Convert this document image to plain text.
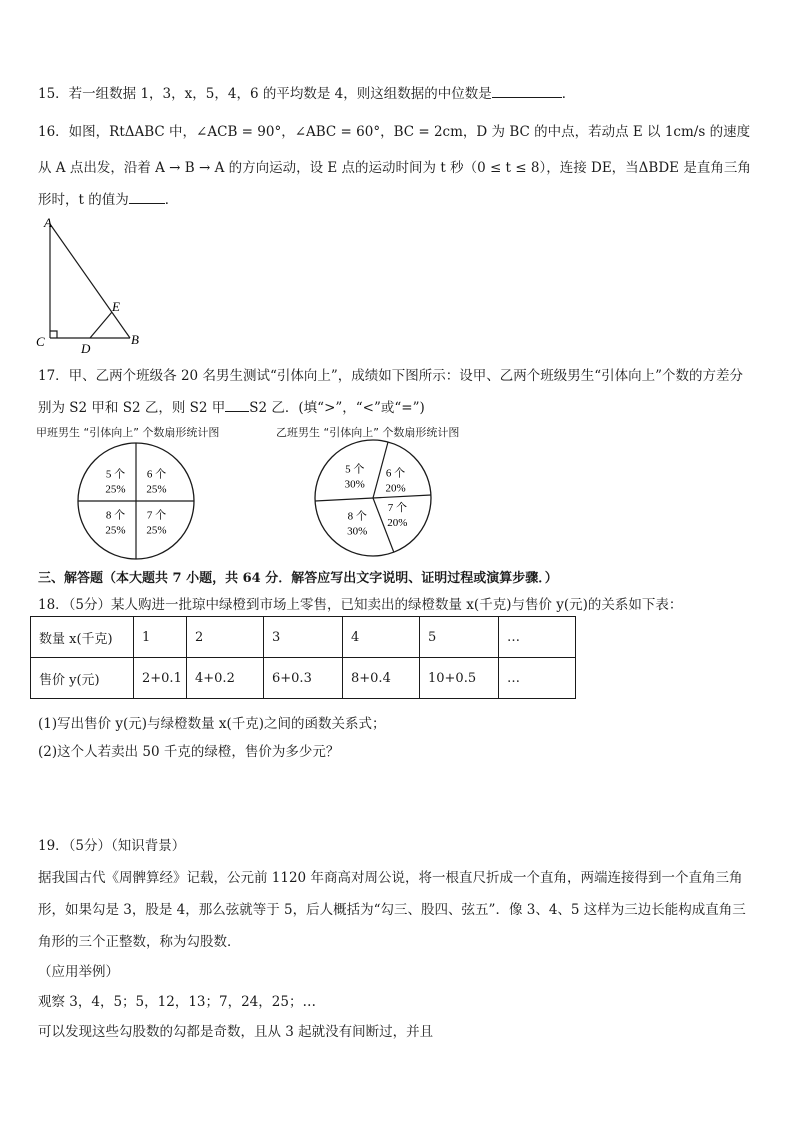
15．若一组数据 1，3，x，5，4，6 的平均数是 4，则这组数据的中位数是	．
16．如图，RtΔABC 中，∠ACB = 90°，∠ABC = 60°，BC = 2cm，D 为 BC 的中点，若动点 E 以 1cm/s 的速度
从 A 点出发，沿着 A → B → A 的方向运动，设 E 点的运动时间为 t 秒（0 ≤ t ≤ 8），连接 DE，当ΔBDE 是直角三角
形时，t 的值为	．
A
C	D
E
B
17．甲、乙两个班级各 20 名男生测试“引体向上”，成绩如下图所示：设甲、乙两个班级男生“引体向上”个数的方差分
别为 S2 甲和 S2 乙，则 S2 甲 S2 乙．(填“>”，“<”或“=”)
甲班男生 “引体向上” 个数扇形统计图	乙班男生 “引体向上” 个数扇形统计图
6 个
25%
7 个
25%
8 个
25%
5 个
25%
6 个
20%
7 个
20%
8 个
30%
5 个
30%
三、解答题（本大题共 7 小题，共 64 分．解答应写出文字说明、证明过程或演算步骤．）
18．（5分）某人购进一批琼中绿橙到市场上零售，已知卖出的绿橙数量 x(千克)与售价 y(元)的关系如下表：
数量 x(千克)	1	2	3	4	5	…
售价 y(元)	2+0.1	4+0.2	6+0.3	8+0.4	10+0.5	…
(1)写出售价 y(元)与绿橙数量 x(千克)之间的函数关系式；
(2)这个人若卖出 50 千克的绿橙，售价为多少元？
19．（5分）（知识背景）
据我国古代《周髀算经》记载，公元前 1120 年商高对周公说，将一根直尺折成一个直角，两端连接得到一个直角三角
形，如果勾是 3，股是 4，那么弦就等于 5，后人概括为“勾三、股四、弦五”．像 3、4、5 这样为三边长能构成直角三
角形的三个正整数，称为勾股数．
（应用举例）
观察 3，4，5；5，12，13；7，24，25；…
可以发现这些勾股数的勾都是奇数，且从 3 起就没有间断过，并且
